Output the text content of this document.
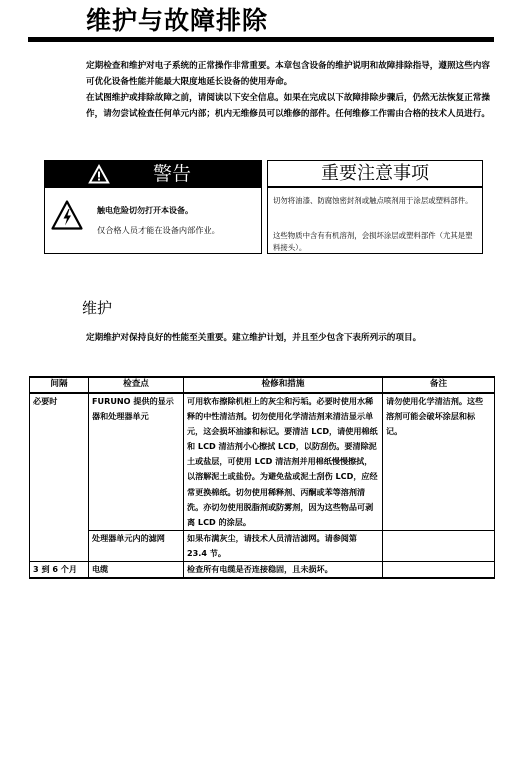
维护与故障排除

定期检查和维护对电子系统的正常操作非常重要。本章包含设备的维护说明和故障排除指导，遵照这些内容可优化设备性能并能最大限度地延长设备的使用寿命。

在试图维护或排除故障之前，请阅读以下安全信息。如果在完成以下故障排除步骤后，仍然无法恢复正常操作，请勿尝试检查任何单元内部；机内无维修员可以维修的部件。任何维修工作需由合格的技术人员进行。

警告
触电危险切勿打开本设备。
仅合格人员才能在设备内部作业。
重要注意事项
切勿将油漆、防腐蚀密封剂或触点喷剂用于涂层或塑料部件。
这些物质中含有有机溶剂，会损坏涂层或塑料部件（尤其是塑料接头）。
维护
定期维护对保持良好的性能至关重要。建立维护计划，并且至少包含下表所列示的项目。
间隔	检查点	检修和措施	备注
必要时	FURUNO 提供的显示器和处理器单元	可用软布擦除机柜上的灰尘和污垢。必要时使用水稀释的中性清洁剂。切勿使用化学清洁剂来清洁显示单元，这会损坏油漆和标记。要清洁 LCD，请使用棉纸和 LCD 清洁剂小心擦拭 LCD，以防刮伤。要清除泥土或盐层，可使用 LCD 清洁剂并用棉纸慢慢擦拭，以溶解泥土或盐份。为避免盐或泥土刮伤 LCD，应经常更换棉纸。切勿使用稀释剂、丙酮或苯等溶剂清洗。亦切勿使用脱脂剂或防雾剂，因为这些物品可剥离 LCD 的涂层。	请勿使用化学清洁剂。这些溶剂可能会破坏涂层和标记。
	处理器单元内的滤网	如果布满灰尘，请技术人员清洁滤网。请参阅第 23.4 节。	
3 到 6 个月	电缆	检查所有电缆是否连接稳固，且未损坏。	
